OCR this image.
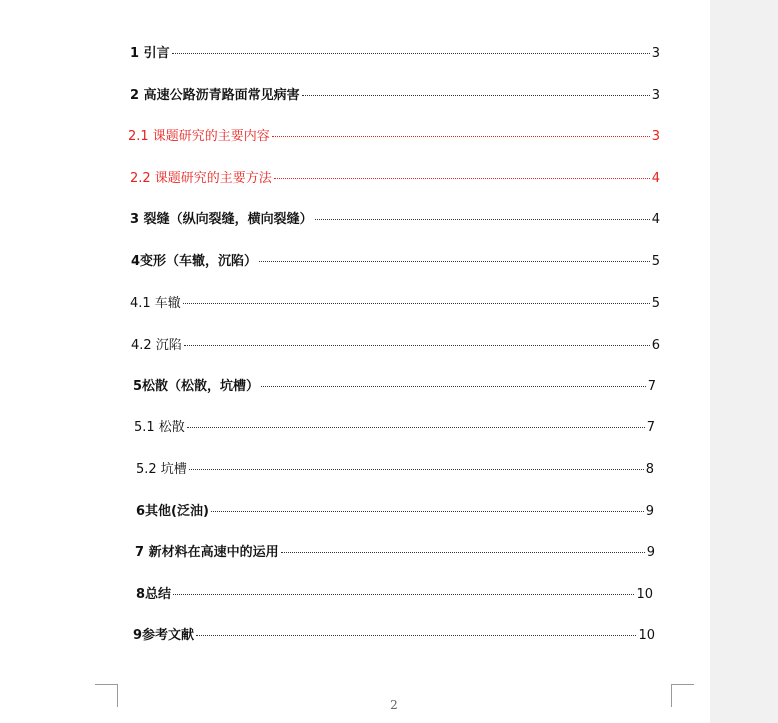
1 引言	3
2 高速公路沥青路面常见病害	3
2.1 课题研究的主要内容	3
2.2 课题研究的主要方法	4
3 裂缝（纵向裂缝，横向裂缝）	4
4变形（车辙，沉陷）	5
4.1 车辙	5
4.2 沉陷	6
5松散（松散，坑槽）	7
5.1 松散	7
5.2 坑槽	8
6其他(泛油)	9
7 新材料在高速中的运用	9
8总结	10
9参考文献	10
2
